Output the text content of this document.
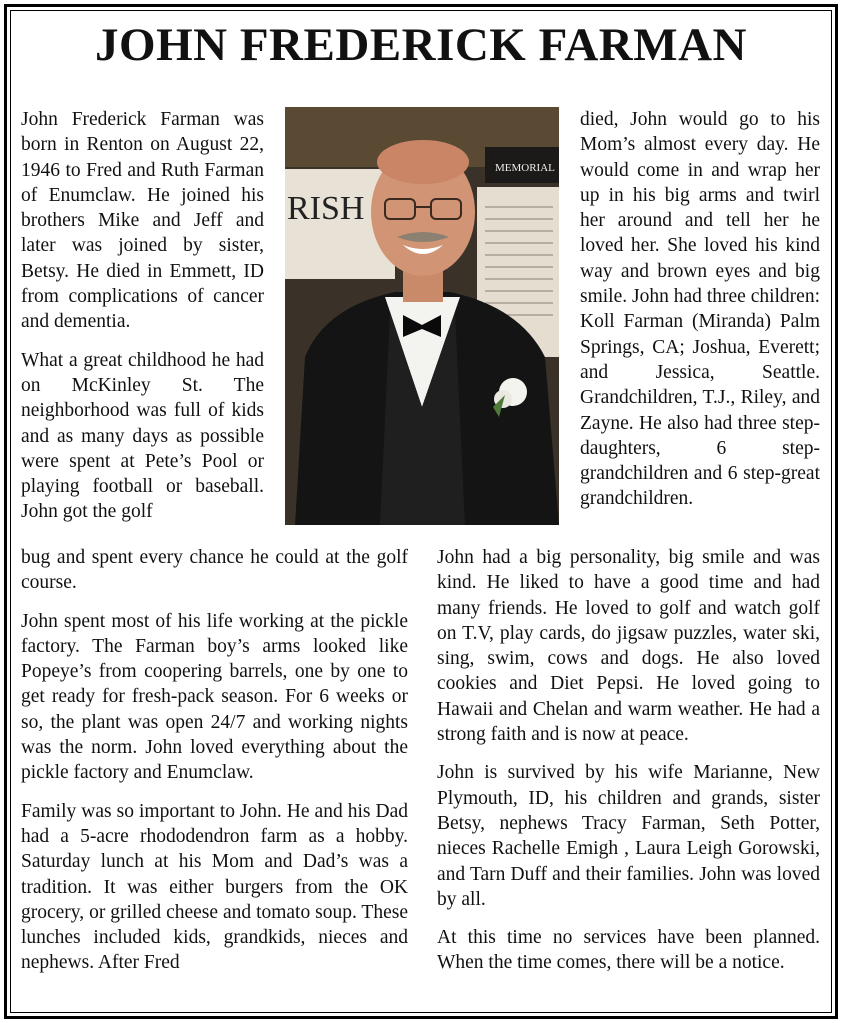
JOHN FREDERICK FARMAN
RISH
MEMORIAL

John Frederick Farman was born in Renton on August 22, 1946 to Fred and Ruth Farman of Enumclaw. He joined his brothers Mike and Jeff and later was joined by sister, Betsy. He died in Emmett, ID from complications of cancer and dementia.

What a great childhood he had on McKinley St. The neighborhood was full of kids and as many days as possible were spent at Pete’s Pool or playing football or baseball. John got the golf

died, John would go to his Mom’s almost every day. He would come in and wrap her up in his big arms and twirl her around and tell her he loved her. She loved his kind way and brown eyes and big smile. John had three children: Koll Farman (Miranda) Palm Springs, CA; Joshua, Everett; and Jessica, Seattle. Grandchildren, T.J., Riley, and Zayne. He also had three step-daughters, 6 step-grandchildren and 6 step-great grandchildren.

bug and spent every chance he could at the golf course.

John spent most of his life working at the pickle factory. The Farman boy’s arms looked like Popeye’s from coopering barrels, one by one to get ready for fresh-pack season. For 6 weeks or so, the plant was open 24/7 and working nights was the norm. John loved everything about the pickle factory and Enumclaw.

Family was so important to John. He and his Dad had a 5-acre rhododendron farm as a hobby. Saturday lunch at his Mom and Dad’s was a tradition. It was either burgers from the OK grocery, or grilled cheese and tomato soup. These lunches included kids, grandkids, nieces and nephews. After Fred

John had a big personality, big smile and was kind. He liked to have a good time and had many friends. He loved to golf and watch golf on T.V, play cards, do jigsaw puzzles, water ski, sing, swim, cows and dogs. He also loved cookies and Diet Pepsi. He loved going to Hawaii and Chelan and warm weather. He had a strong faith and is now at peace.

John is survived by his wife Marianne, New Plymouth, ID, his children and grands, sister Betsy, nephews Tracy Farman, Seth Potter, nieces Rachelle Emigh , Laura Leigh Gorowski, and Tarn Duff and their families. John was loved by all.

At this time no services have been planned. When the time comes, there will be a notice.
